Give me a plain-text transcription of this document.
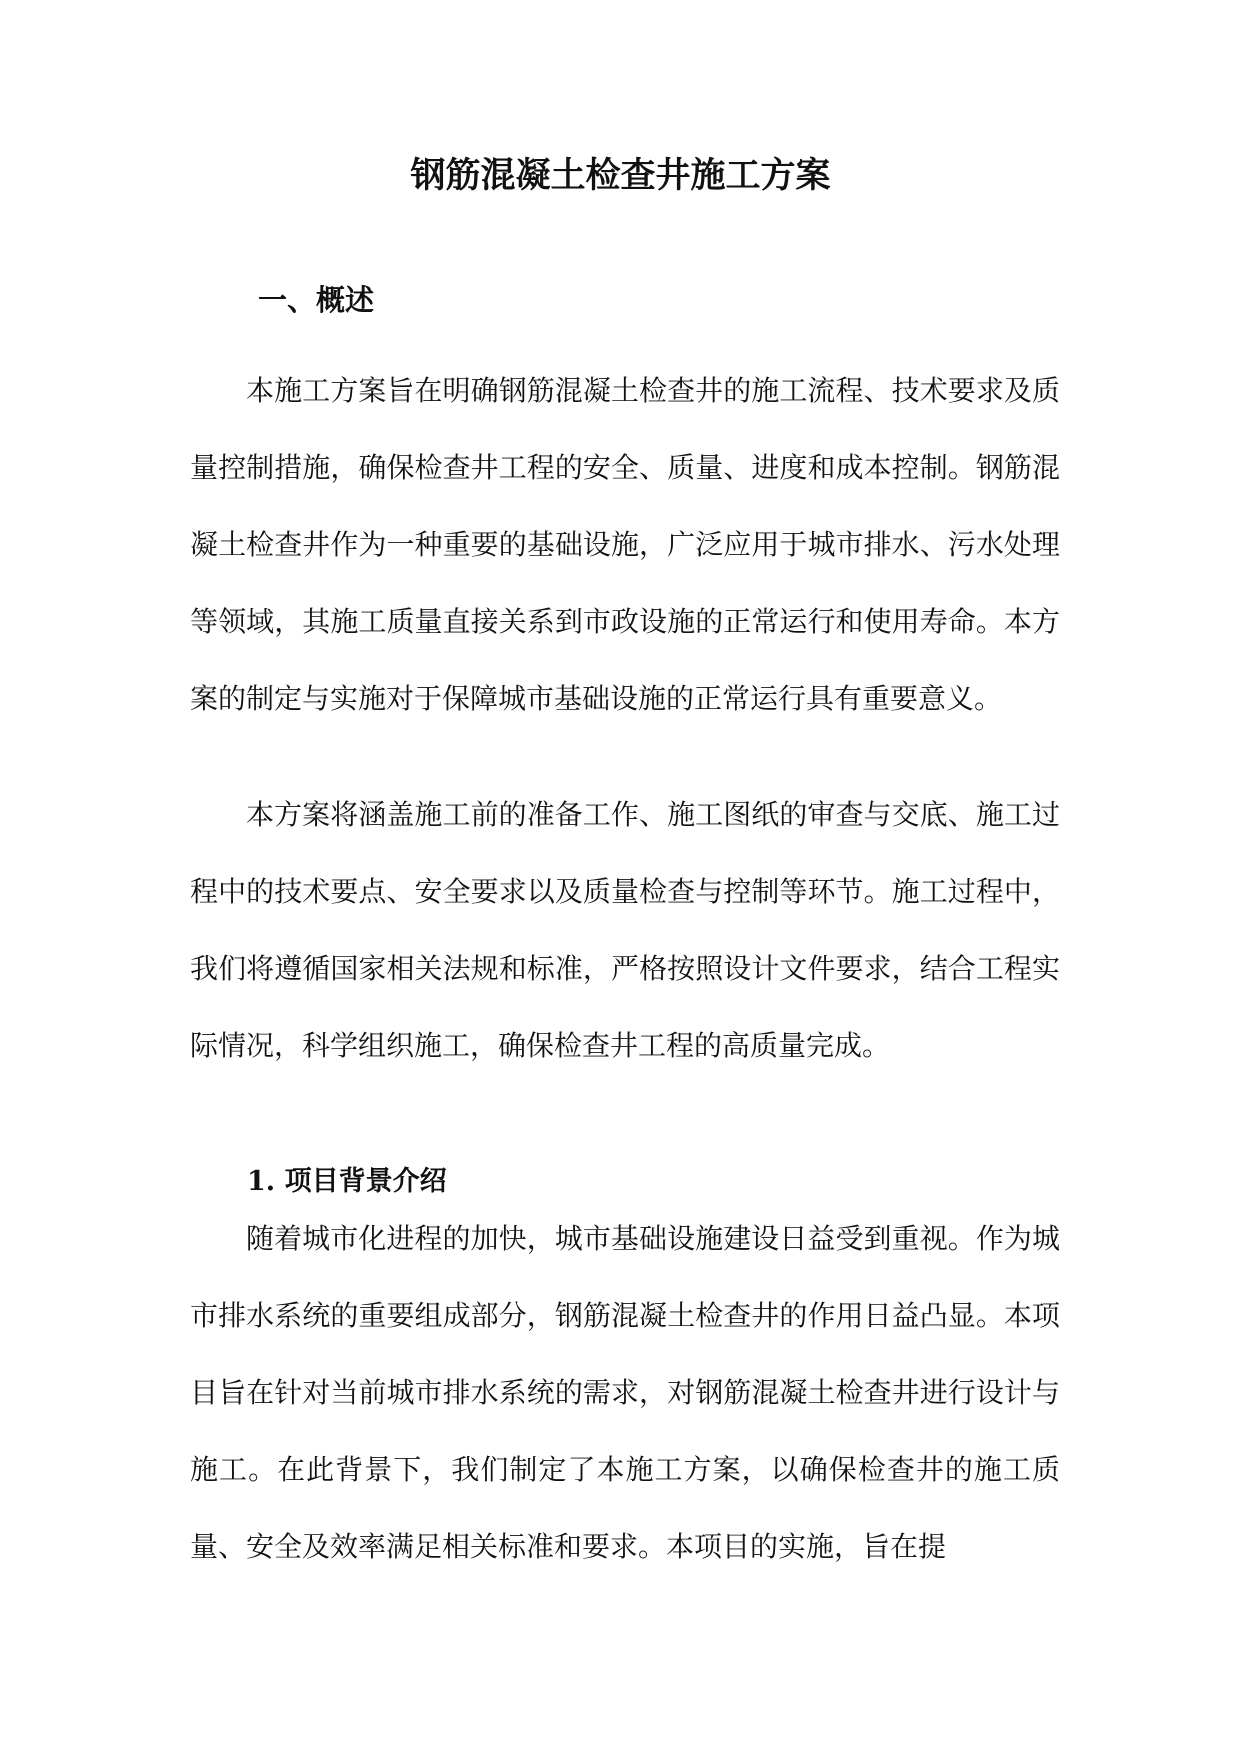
钢筋混凝土检查井施工方案
一、概述

本施工方案旨在明确钢筋混凝土检查井的施工流程、技术要求及质量控制措施，确保检查井工程的安全、质量、进度和成本控制。钢筋混凝土检查井作为一种重要的基础设施，广泛应用于城市排水、污水处理等领域，其施工质量直接关系到市政设施的正常运行和使用寿命。本方案的制定与实施对于保障城市基础设施的正常运行具有重要意义。

本方案将涵盖施工前的准备工作、施工图纸的审查与交底、施工过程中的技术要点、安全要求以及质量检查与控制等环节。施工过程中，我们将遵循国家相关法规和标准，严格按照设计文件要求，结合工程实际情况，科学组织施工，确保检查井工程的高质量完成。

1. 项目背景介绍

随着城市化进程的加快，城市基础设施建设日益受到重视。作为城市排水系统的重要组成部分，钢筋混凝土检查井的作用日益凸显。本项目旨在针对当前城市排水系统的需求，对钢筋混凝土检查井进行设计与施工。在此背景下，我们制定了本施工方案，以确保检查井的施工质量、安全及效率满足相关标准和要求。本项目的实施，旨在提
